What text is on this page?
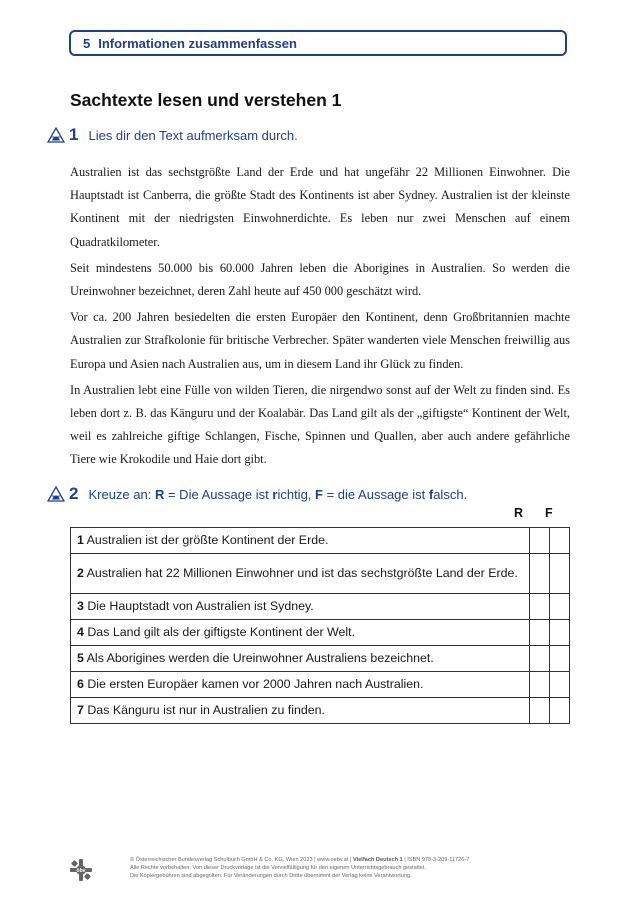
5 Informationen zusammenfassen
Sachtexte lesen und verstehen 1
1 Lies dir den Text aufmerksam durch.

Australien ist das sechstgrößte Land der Erde und hat ungefähr 22 Millionen Einwohner. Die Hauptstadt ist Canberra, die größte Stadt des Kontinents ist aber Sydney. Australien ist der kleinste Kontinent mit der niedrigsten Einwohnerdichte. Es leben nur zwei Menschen auf einem Quadratkilometer.

Seit mindestens 50.000 bis 60.000 Jahren leben die Aborigines in Australien. So werden die Ureinwohner bezeichnet, deren Zahl heute auf 450 000 geschätzt wird.

Vor ca. 200 Jahren besiedelten die ersten Europäer den Kontinent, denn Großbritannien machte Australien zur Strafkolonie für britische Verbrecher. Später wanderten viele Menschen freiwillig aus Europa und Asien nach Australien aus, um in diesem Land ihr Glück zu finden.

In Australien lebt eine Fülle von wilden Tieren, die nirgendwo sonst auf der Welt zu finden sind. Es leben dort z. B. das Känguru und der Koalabär. Das Land gilt als der „giftigste“ Kontinent der Welt, weil es zahlreiche giftige Schlangen, Fische, Spinnen und Quallen, aber auch andere gefährliche Tiere wie Krokodile und Haie dort gibt.

2 Kreuze an: R = Die Aussage ist richtig, F = die Aussage ist falsch.
R F
1 Australien ist der größte Kontinent der Erde.		
2 Australien hat 22 Millionen Einwohner und ist das sechstgrößte Land der Erde.		
3 Die Hauptstadt von Australien ist Sydney.		
4 Das Land gilt als der giftigste Kontinent der Welt.		
5 Als Aborigines werden die Ureinwohner Australiens bezeichnet.		
6 Die ersten Europäer kamen vor 2000 Jahren nach Australien.		
7 Das Känguru ist nur in Australien zu finden.		
öbv
© Österreichischer Bundesverlag Schulbuch GmbH & Co. KG, Wien 2023 | www.oebv.at | Vielfach Deutsch 1 | ISBN 978-3-209-11726-7
Alle Rechte vorbehalten. Von dieser Druckvorlage ist die Vervielfältigung für den eigenen Unterrichtsgebrauch gestattet.
Die Kopiergebühren sind abgegolten. Für Veränderungen durch Dritte übernimmt der Verlag keine Verantwortung.
